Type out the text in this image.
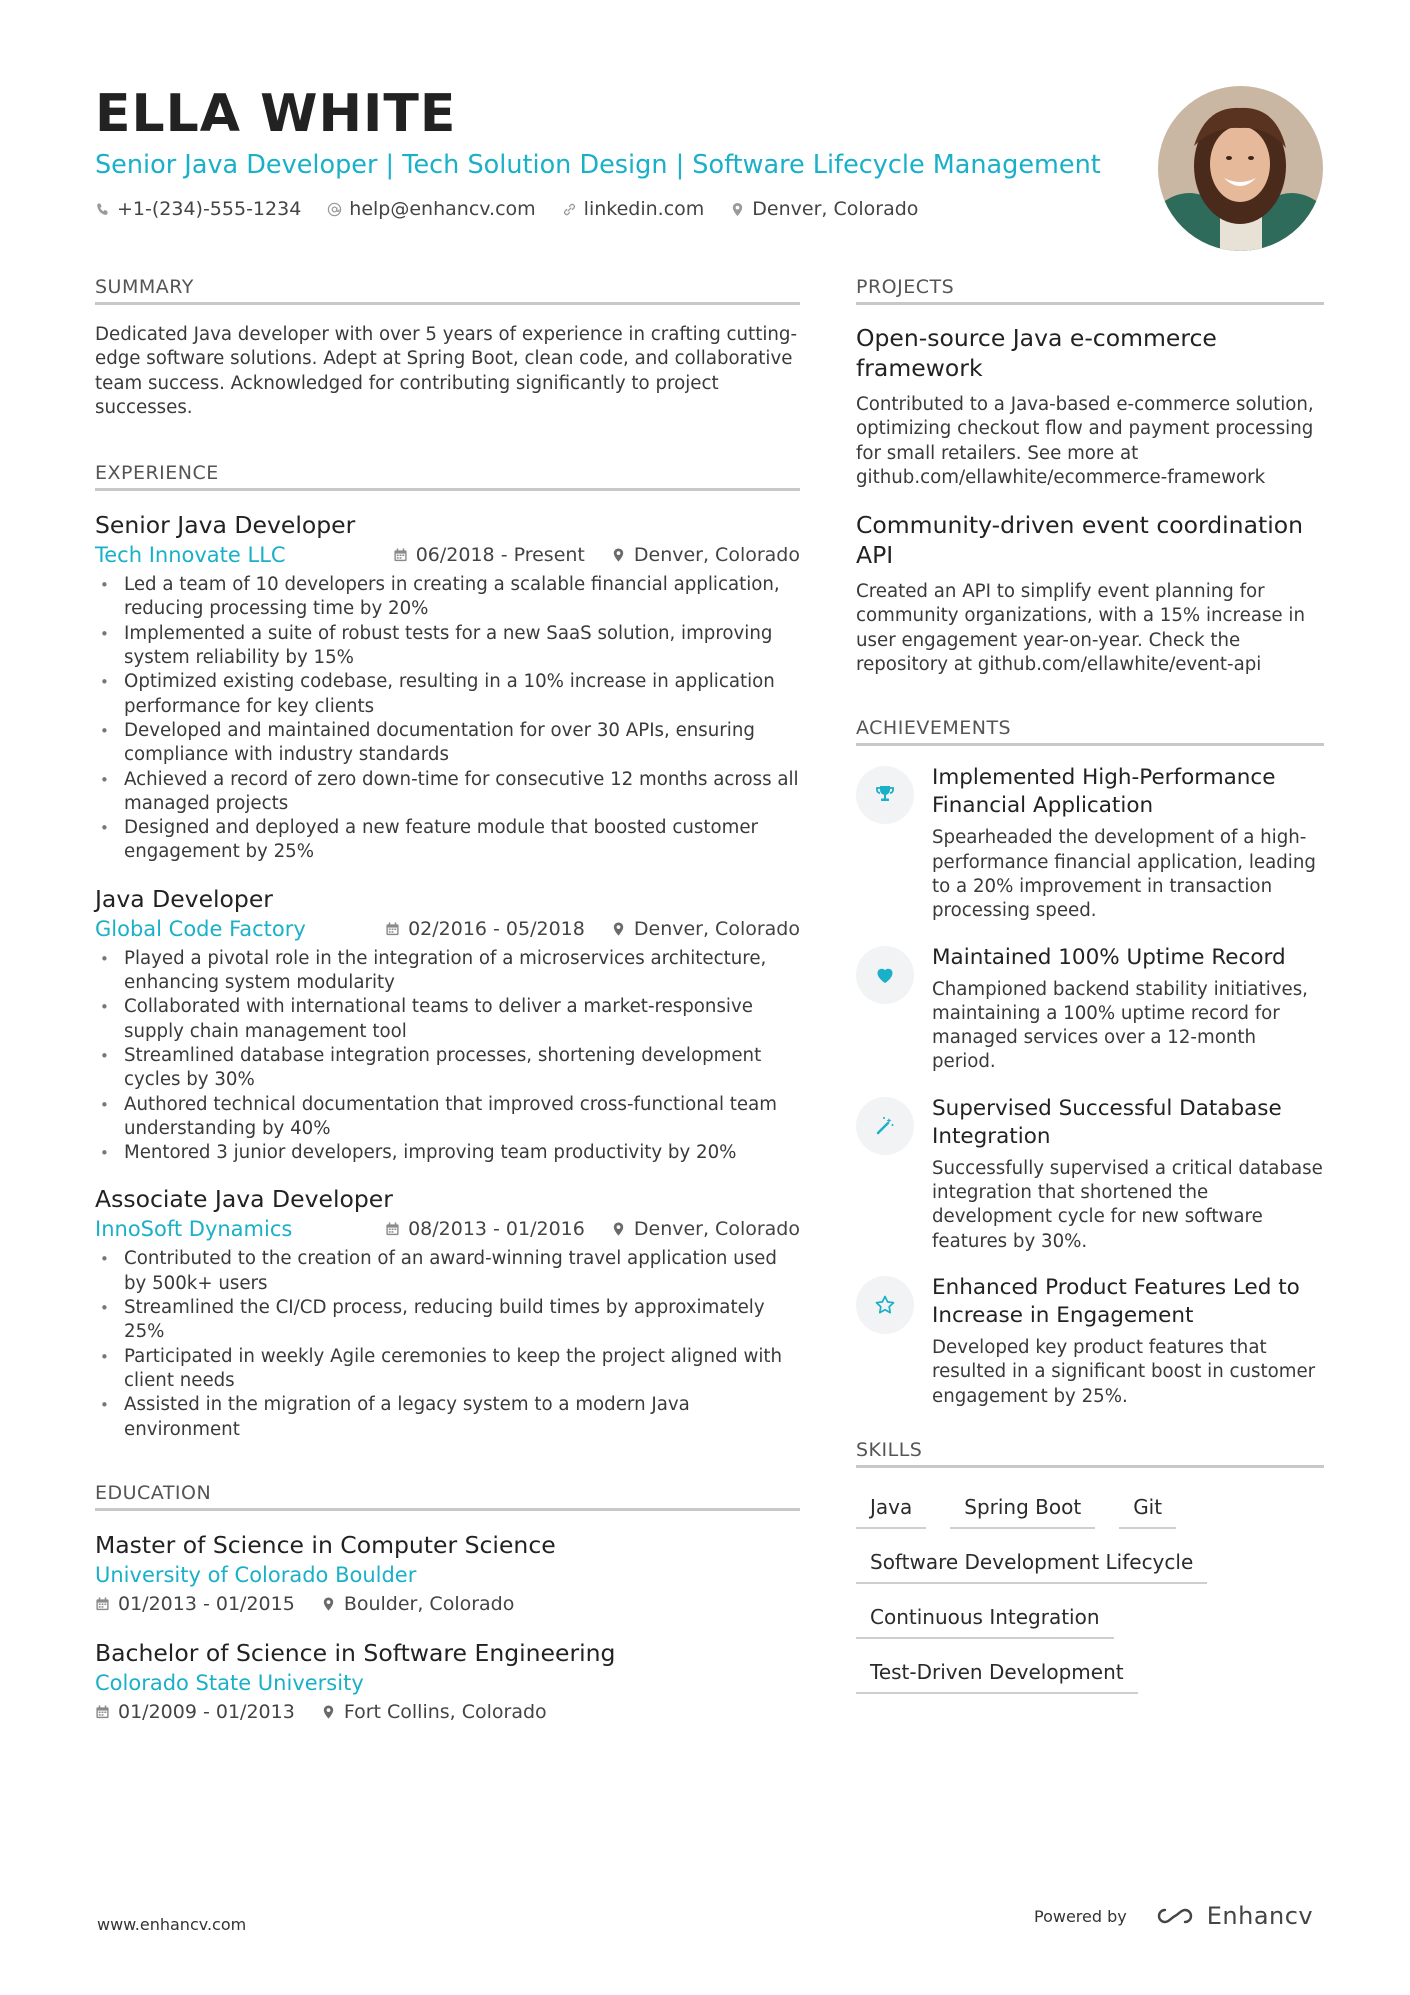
ELLA WHITE
Senior Java Developer | Tech Solution Design | Software Lifecycle Management
+1-(234)-555-1234	help@enhancv.com	linkedin.com	Denver, Colorado
SUMMARY
Dedicated Java developer with over 5 years of experience in crafting cutting-edge software solutions. Adept at Spring Boot, clean code, and collaborative team success. Acknowledged for contributing significantly to project successes.
EXPERIENCE
Senior Java Developer
Tech Innovate LLC	06/2018 - Present	Denver, Colorado
• Led a team of 10 developers in creating a scalable financial application, reducing processing time by 20%
• Implemented a suite of robust tests for a new SaaS solution, improving system reliability by 15%
• Optimized existing codebase, resulting in a 10% increase in application performance for key clients
• Developed and maintained documentation for over 30 APIs, ensuring compliance with industry standards
• Achieved a record of zero down-time for consecutive 12 months across all managed projects
• Designed and deployed a new feature module that boosted customer engagement by 25%
Java Developer
Global Code Factory	02/2016 - 05/2018	Denver, Colorado
• Played a pivotal role in the integration of a microservices architecture, enhancing system modularity
• Collaborated with international teams to deliver a market-responsive supply chain management tool
• Streamlined database integration processes, shortening development cycles by 30%
• Authored technical documentation that improved cross-functional team understanding by 40%
• Mentored 3 junior developers, improving team productivity by 20%
Associate Java Developer
InnoSoft Dynamics	08/2013 - 01/2016	Denver, Colorado
• Contributed to the creation of an award-winning travel application used by 500k+ users
• Streamlined the CI/CD process, reducing build times by approximately 25%
• Participated in weekly Agile ceremonies to keep the project aligned with client needs
• Assisted in the migration of a legacy system to a modern Java environment
EDUCATION
Master of Science in Computer Science
University of Colorado Boulder
01/2013 - 01/2015	Boulder, Colorado
Bachelor of Science in Software Engineering
Colorado State University
01/2009 - 01/2013	Fort Collins, Colorado
PROJECTS
Open-source Java e-commerce framework
Contributed to a Java-based e-commerce solution, optimizing checkout flow and payment processing for small retailers. See more at github.com/ellawhite/ecommerce-framework
Community-driven event coordination API
Created an API to simplify event planning for community organizations, with a 15% increase in user engagement year-on-year. Check the repository at github.com/ellawhite/event-api
ACHIEVEMENTS
Implemented High-Performance Financial Application
Spearheaded the development of a high-performance financial application, leading to a 20% improvement in transaction processing speed.
Maintained 100% Uptime Record
Championed backend stability initiatives, maintaining a 100% uptime record for managed services over a 12-month period.
Supervised Successful Database Integration
Successfully supervised a critical database integration that shortened the development cycle for new software features by 30%.
Enhanced Product Features Led to Increase in Engagement
Developed key product features that resulted in a significant boost in customer engagement by 25%.
SKILLS
Java	Spring Boot	Git
Software Development Lifecycle
Continuous Integration
Test-Driven Development
www.enhancv.com	Powered by	Enhancv
